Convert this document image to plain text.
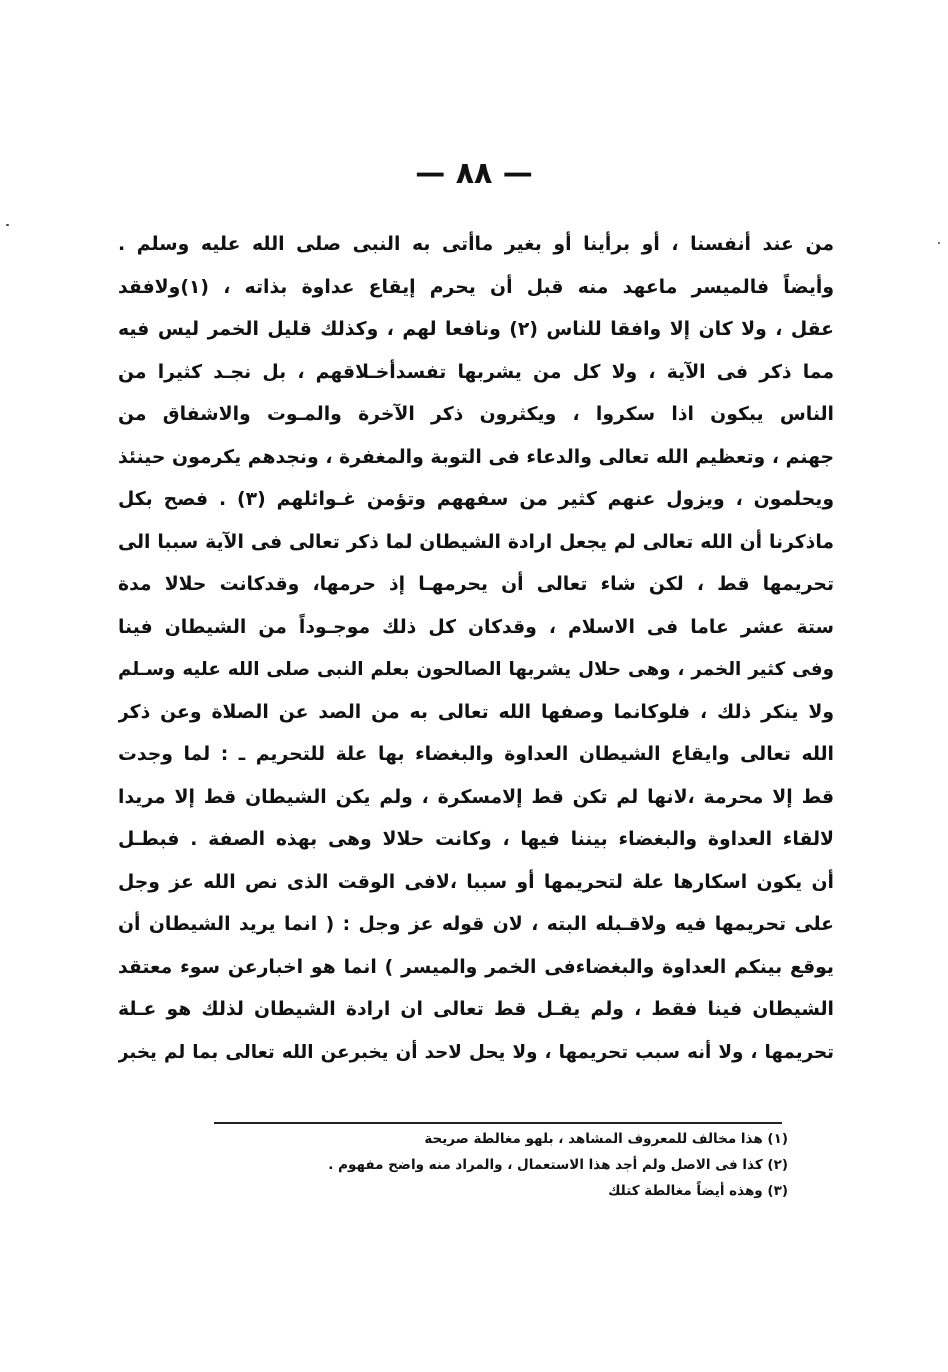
— ٨٨ —
من عند أنفسنا ، أو برأينا أو بغير ماأتى به النبى صلى الله عليه وسلم .
وأيضاً فالميسر ماعهد منه قبل أن يحرم إيقاع عداوة بذاته ، (١)ولافقد
عقل ، ولا كان إلا وافقا للناس (٢) ونافعا لهم ، وكذلك قليل الخمر ليس فيه
مما ذكر فى الآية ، ولا كل من يشربها تفسدأخـلاقهم ، بل نجـد كثيرا من
الناس يبكون اذا سكروا ، ويكثرون ذكر الآخرة والمـوت والاشفاق من
جهنم ، وتعظيم الله تعالى والدعاء فى التوبة والمغفرة ، ونجدهم يكرمون حينئذ
ويحلمون ، ويزول عنهم كثير من سفههم وتؤمن غـوائلهم (٣) . فصح بكل
ماذكرنا أن الله تعالى لم يجعل ارادة الشيطان لما ذكر تعالى فى الآية سببا الى
تحريمها قط ، لكن شاء تعالى أن يحرمهـا إذ حرمها، وقدكانت حلالا مدة
ستة عشر عاما فى الاسلام ، وقدكان كل ذلك موجـوداً من الشيطان فينا
وفى كثير الخمر ، وهى حلال يشربها الصالحون بعلم النبى صلى الله عليه وسـلم
ولا ينكر ذلك ، فلوكانما وصفها الله تعالى به من الصد عن الصلاة وعن ذكر
الله تعالى وايقاع الشيطان العداوة والبغضاء بها علة للتحريم ـ : لما وجدت
قط إلا محرمة ،لانها لم تكن قط إلامسكرة ، ولم يكن الشيطان قط إلا مريدا
لالقاء العداوة والبغضاء بيننا فيها ، وكانت حلالا وهى بهذه الصفة . فبطـل
أن يكون اسكارها علة لتحريمها أو سببا ،لافى الوقت الذى نص الله عز وجل
على تحريمها فيه ولاقـبله البته ، لان قوله عز وجل : ( انما يريد الشيطان أن
يوقع بينكم العداوة والبغضاءفى الخمر والميسر ) انما هو اخبارعن سوء معتقد
الشيطان فينا فقط ، ولم يقـل قط تعالى ان ارادة الشيطان لذلك هو عـلة
تحريمها ، ولا أنه سبب تحريمها ، ولا يحل لاحد أن يخبرعن الله تعالى بما لم يخبر
(١) هذا مخالف للمعروف المشاهد ، بلهو مغالطة صريحة
(٢) كذا فى الاصل ولم أجد هذا الاستعمال ، والمراد منه واضح مفهوم .
(٣) وهذه أيضاً مغالطة كتلك
